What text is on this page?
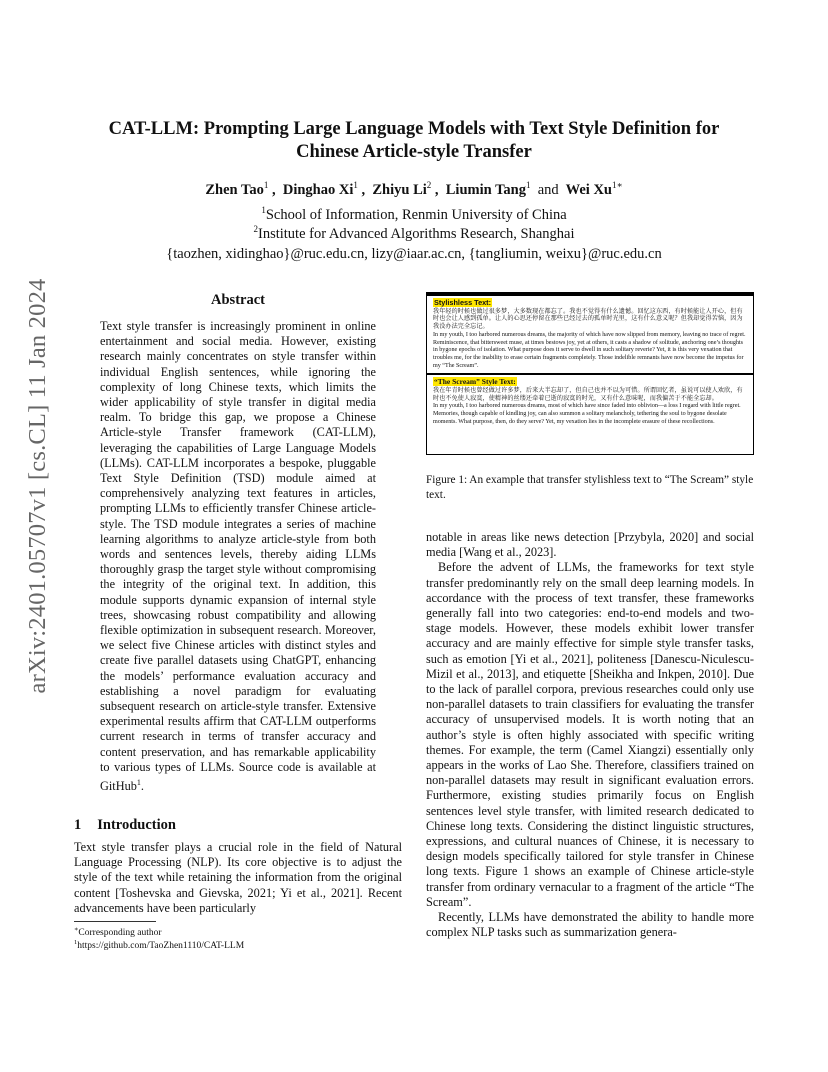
arXiv:2401.05707v1 [cs.CL] 11 Jan 2024
CAT-LLM: Prompting Large Language Models with Text Style Definition for
Chinese Article-style Transfer

Zhen Tao$^1$ ,  Dinghao Xi$^1$ ,  Zhiyu Li$^2$ ,  Liumin Tang$^1$ and Wei $Xu^{1∗}$

$^1$School of Information, Renmin University of China

$^2$Institute for Advanced Algorithms Research, Shanghai

{taozhen, xidinghao}@ruc.edu.cn, lizy@iaar.ac.cn, {tangliumin, weixu}@ruc.edu.cn

Abstract

Text style transfer is increasingly prominent in online entertainment and social media. However, existing research mainly concentrates on style transfer within individual English sentences, while ignoring the complexity of long Chinese texts, which limits the wider applicability of style transfer in digital media realm. To bridge this gap, we propose a Chinese Article-style Transfer framework (CAT-LLM), leveraging the capabilities of Large Language Models (LLMs). CAT-LLM incorporates a bespoke, pluggable Text Style Definition (TSD) module aimed at comprehensively analyzing text features in articles, prompting LLMs to efficiently transfer Chinese article-style. The TSD module integrates a series of machine learning algorithms to analyze article-style from both words and sentences levels, thereby aiding LLMs thoroughly grasp the target style without compromising the integrity of the original text. In addition, this module supports dynamic expansion of internal style trees, showcasing robust compatibility and allowing flexible optimization in subsequent research. Moreover, we select five Chinese articles with distinct styles and create five parallel datasets using ChatGPT, enhancing the models’ performance evaluation accuracy and establishing a novel paradigm for evaluating subsequent research on article-style transfer. Extensive experimental results affirm that CAT-LLM outperforms current research in terms of transfer accuracy and content preservation, and has remarkable applicability to various types of LLMs. Source code is available at GitHub$^1$.

1 Introduction

Text style transfer plays a crucial role in the field of Natural Language Processing (NLP). Its core objective is to adjust the style of the text while retaining the information from the original content [Toshevska and Gievska, 2021; Yi et al., 2021]. Recent advancements have been particularly

∗Corresponding author

$^1$https://github.com/TaoZhen1110/CAT-LLM

Stylishless Text:

我年轻的时候也做过很多梦，大多数现在都忘了。我也不觉得有什么遗憾。回忆这东西，有时候能让人开心，但有时也会让人感到孤单。让人的心思还停留在那些已经过去的孤单时光里，这有什么意义呢？但我却觉得苦恼，因为我没办法完全忘记。

In my youth, I too harbored numerous dreams, the majority of which have now slipped from memory, leaving no trace of regret. Reminiscence, that bittersweet muse, at times bestows joy, yet at others, it casts a shadow of solitude, anchoring one’s thoughts in bygone epochs of isolation. What purpose does it serve to dwell in such solitary reverie? Yet, it is this very vexation that troubles me, for the inability to erase certain fragments completely. Those indelible remnants have now become the impetus for my “The Scream”.

“The Scream” Style Text:

我在年青时候也曾经做过许多梦，后来大半忘却了，但自己也并不以为可惜。所谓回忆者，虽说可以使人欢欣，有时也不免使人寂寞，使精神的丝缕还牵着已逝的寂寞的时光，又有什么意味呢，而我偏苦于不能全忘却。

In my youth, I too harbored numerous dreams, most of which have since faded into oblivion—a loss I regard with little regret. Memories, though capable of kindling joy, can also summon a solitary melancholy, tethering the soul to bygone desolate moments. What purpose, then, do they serve? Yet, my vexation lies in the incomplete erasure of these recollections.

Figure 1: An example that transfer stylishless text to “The Scream” style text.

notable in areas like news detection [Przybyla, 2020] and social media [Wang et al., 2023].

Before the advent of LLMs, the frameworks for text style transfer predominantly rely on the small deep learning models. In accordance with the process of text transfer, these frameworks generally fall into two categories: end-to-end models and two-stage models. However, these models exhibit lower transfer accuracy and are mainly effective for simple style transfer tasks, such as emotion [Yi et al., 2021], politeness [Danescu-Niculescu-Mizil et al., 2013], and etiquette [Sheikha and Inkpen, 2010]. Due to the lack of parallel corpora, previous researches could only use non-parallel datasets to train classifiers for evaluating the transfer accuracy of unsupervised models. It is worth noting that an author’s style is often highly associated with specific writing themes. For example, the term (Camel Xiangzi) essentially only appears in the works of Lao She. Therefore, classifiers trained on non-parallel datasets may result in significant evaluation errors. Furthermore, existing studies primarily focus on English sentences level style transfer, with limited research dedicated to Chinese long texts. Considering the distinct linguistic structures, expressions, and cultural nuances of Chinese, it is necessary to design models specifically tailored for style transfer in Chinese long texts. Figure 1 shows an example of Chinese article-style transfer from ordinary vernacular to a fragment of the article “The Scream”.

Recently, LLMs have demonstrated the ability to handle more complex NLP tasks such as summarization genera-
